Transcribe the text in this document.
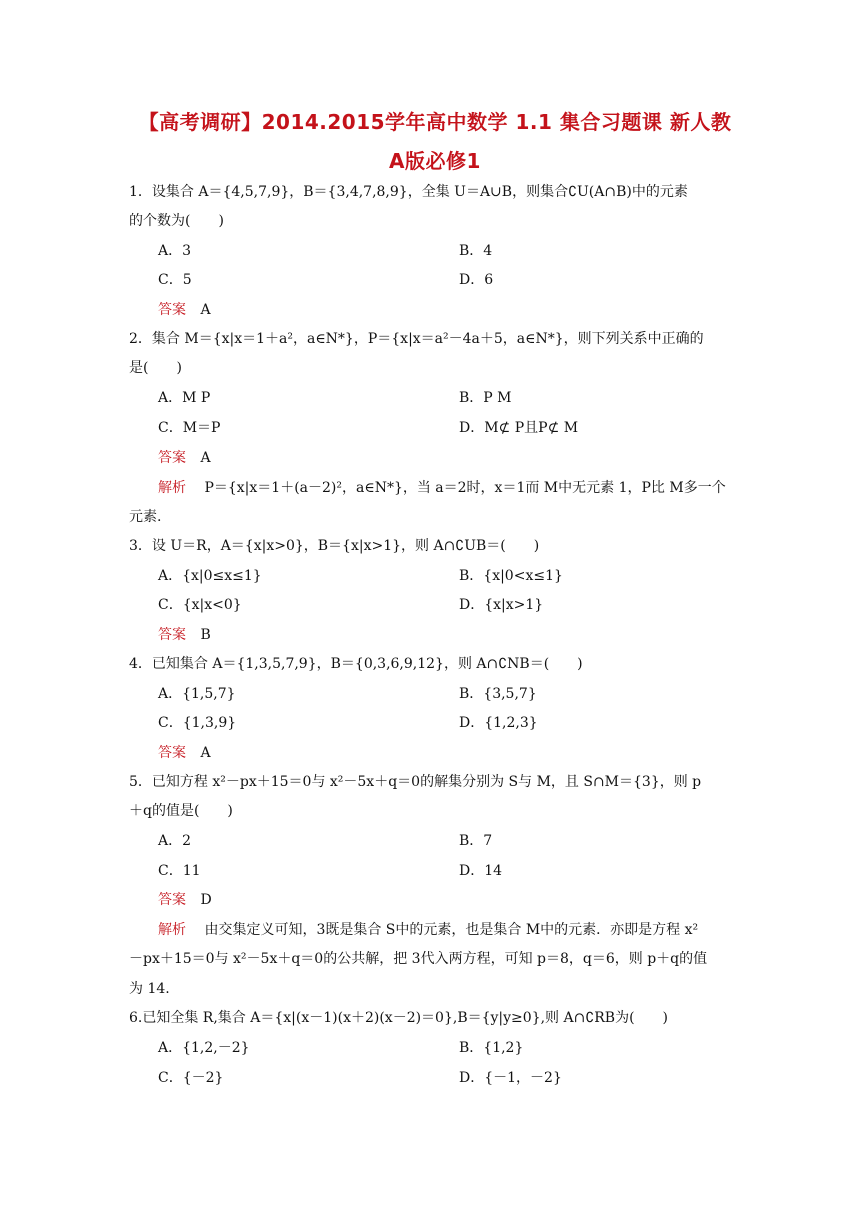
【高考调研】2014.2015学年高中数学 1.1 集合习题课 新人教
A版必修1
1．设集合 A＝{4,5,7,9}，B＝{3,4,7,8,9}，全集 U＝A∪B，则集合∁U(A∩B)中的元素
的个数为(　　)
A．3	B．4
C．5	D．6
答案 A
2．集合 M＝{x|x＝1＋a²，a∈N*}，P＝{x|x＝a²－4a＋5，a∈N*}，则下列关系中正确的
是(　　)
A．M P	B．P M
C．M＝P	D．M⊄ P且P⊄ M
答案 A
解析 P＝{x|x＝1＋(a－2)²，a∈N*}，当 a＝2时，x＝1而 M中无元素 1，P比 M多一个
元素.
3．设 U＝R，A＝{x|x>0}，B＝{x|x>1}，则 A∩∁UB＝(　　)
A．{x|0≤x≤1}	B．{x|0<x≤1}
C．{x|x<0}	D．{x|x>1}
答案 B
4．已知集合 A＝{1,3,5,7,9}，B＝{0,3,6,9,12}，则 A∩∁NB＝(　　)
A．{1,5,7}	B．{3,5,7}
C．{1,3,9}	D．{1,2,3}
答案 A
5．已知方程 x²－px＋15＝0与 x²－5x＋q＝0的解集分别为 S与 M，且 S∩M＝{3}，则 p
＋q的值是(　　)
A．2	B．7
C．11	D．14
答案 D
解析 由交集定义可知，3既是集合 S中的元素，也是集合 M中的元素．亦即是方程 x²
－px＋15＝0与 x²－5x＋q＝0的公共解，把 3代入两方程，可知 p＝8，q＝6，则 p＋q的值
为 14.
6.已知全集 R,集合 A＝{x|(x－1)(x＋2)(x－2)＝0},B＝{y|y≥0},则 A∩∁RB为(　　)
A．{1,2,－2}	B．{1,2}
C．{－2}	D．{－1，－2}
